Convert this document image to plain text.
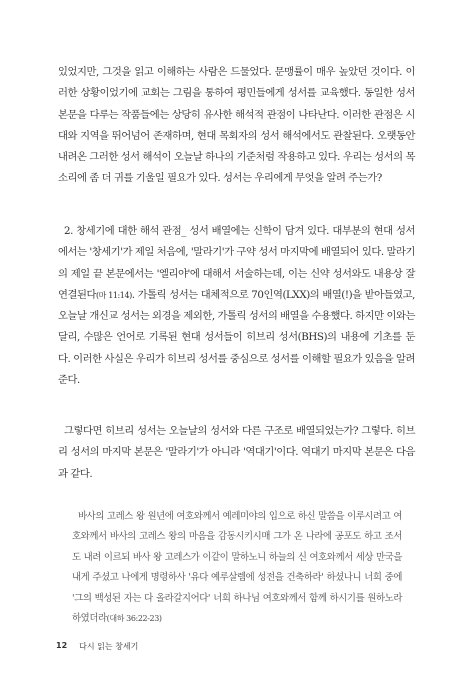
있었지만, 그것을 읽고 이해하는 사람은 드물었다. 문맹률이 매우 높았던 것이다. 이러한 상황이었기에 교회는 그림을 통하여 평민들에게 성서를 교육했다. 동일한 성서 본문을 다루는 작품들에는 상당히 유사한 해석적 관점이 나타난다. 이러한 관점은 시대와 지역을 뛰어넘어 존재하며, 현대 목회자의 성서 해석에서도 관찰된다. 오랫동안 내려온 그러한 성서 해석이 오늘날 하나의 기준처럼 작용하고 있다. 우리는 성서의 목소리에 좀 더 귀를 기울일 필요가 있다. 성서는 우리에게 무엇을 알려 주는가?

2. 창세기에 대한 해석 관점_ 성서 배열에는 신학이 담겨 있다. 대부분의 현대 성서에서는 '창세기'가 제일 처음에, '말라기'가 구약 성서 마지막에 배열되어 있다. 말라기의 제일 끝 본문에서는 '엘리야'에 대해서 서술하는데, 이는 신약 성서와도 내용상 잘 연결된다(마 11:14). 가톨릭 성서는 대체적으로 70인역(LXX)의 배열(!)을 받아들였고, 오늘날 개신교 성서는 외경을 제외한, 가톨릭 성서의 배열을 수용했다. 하지만 이와는 달리, 수많은 언어로 기록된 현대 성서들이 히브리 성서(BHS)의 내용에 기초를 둔다. 이러한 사실은 우리가 히브리 성서를 중심으로 성서를 이해할 필요가 있음을 알려 준다.

그렇다면 히브리 성서는 오늘날의 성서와 다른 구조로 배열되었는가? 그렇다. 히브리 성서의 마지막 본문은 '말라기'가 아니라 '역대기'이다. 역대기 마지막 본문은 다음과 같다.

바사의 고레스 왕 원년에 여호와께서 예레미야의 입으로 하신 말씀을 이루시려고 여호와께서 바사의 고레스 왕의 마음을 감동시키시매 그가 온 나라에 공포도 하고 조서도 내려 이르되 바사 왕 고레스가 이같이 말하노니 하늘의 신 여호와께서 세상 만국을 내게 주셨고 나에게 명령하사 '유다 예루살렘에 성전을 건축하라' 하셨나니 너희 중에 '그의 백성된 자는 다 올라갈지어다' 너희 하나님 여호와께서 함께 하시기를 원하노라 하였더라(대하 36:22-23)

12 다시 읽는 창세기
